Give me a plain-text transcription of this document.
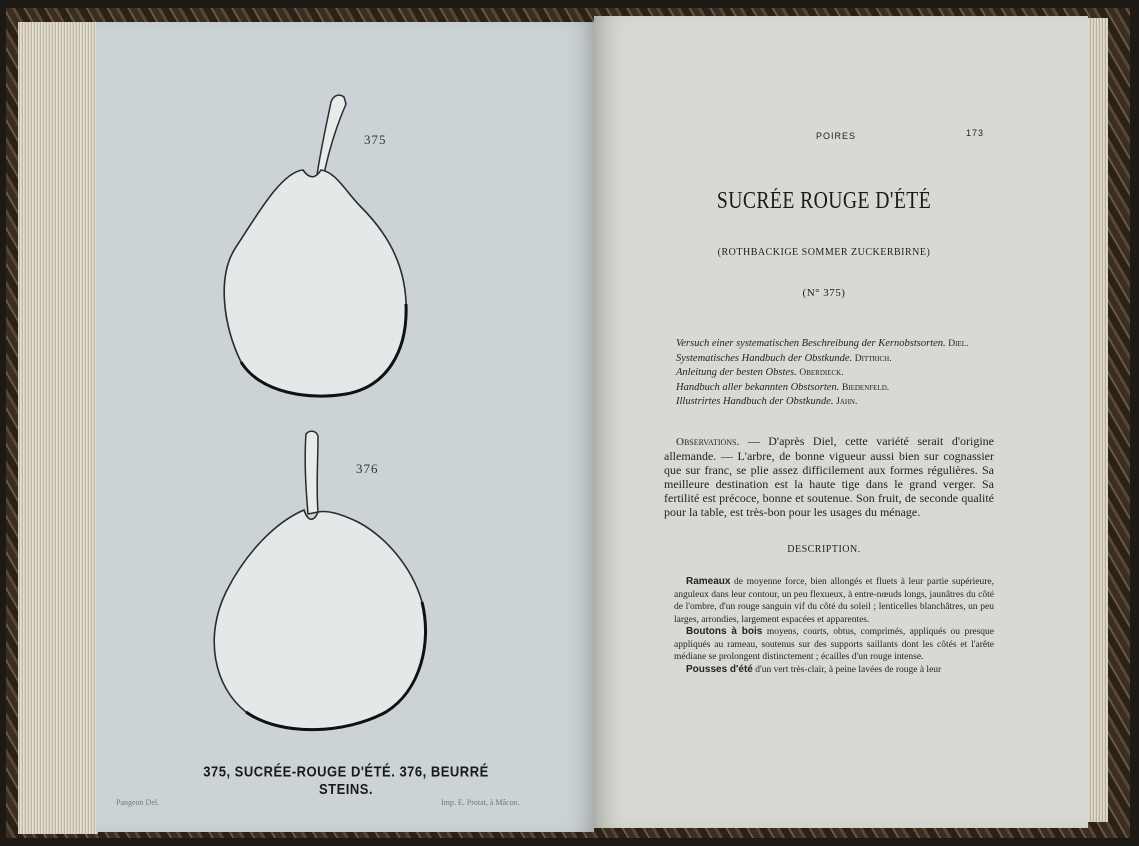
375
376
375, SUCRÉE-ROUGE D'ÉTÉ. 376, BEURRÉ STEINS.
Pangeon Del.	Imp. E. Protat, à Mâcon.
POIRES	173
SUCRÉE ROUGE D'ÉTÉ
(ROTHBACKIGE SOMMER ZUCKERBIRNE)
(N° 375)
Versuch einer systematischen Beschreibung der Kernobstsorten. Diel.
Systematisches Handbuch der Obstkunde. Dittrich.
Anleitung der besten Obstes. Oberdieck.
Handbuch aller bekannten Obstsorten. Biedenfeld.
Illustrirtes Handbuch der Obstkunde. Jahn.
 Observations. — D'après Diel, cette variété serait d'origine allemande. — L'arbre, de bonne vigueur aussi bien sur cognassier que sur franc, se plie assez difficilement aux formes régulières. Sa meilleure destination est la haute tige dans le grand verger. Sa fertilité est précoce, bonne et soutenue. Son fruit, de seconde qualité pour la table, est très-bon pour les usages du ménage.
DESCRIPTION.

Rameaux de moyenne force, bien allongés et fluets à leur partie supérieure, anguleux dans leur contour, un peu flexueux, à entre-nœuds longs, jaunâtres du côté de l'ombre, d'un rouge sanguin vif du côté du soleil ; lenticelles blanchâtres, un peu larges, arrondies, largement espacées et apparentes.

Boutons à bois moyens, courts, obtus, comprimés, appliqués ou presque appliqués au rameau, soutenus sur des supports saillants dont les côtés et l'arête médiane se prolongent distinctement ; écailles d'un rouge intense.

Pousses d'été d'un vert très-clair, à peine lavées de rouge à leur
